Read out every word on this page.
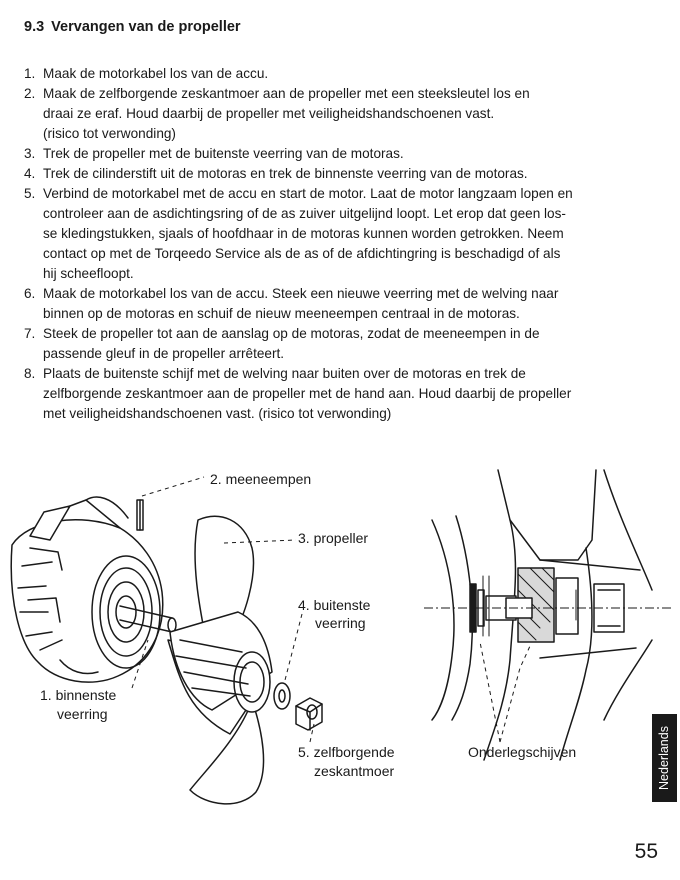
9.3 Vervangen van de propeller
1. Maak de motorkabel los van de accu.
2. Maak de zelfborgende zeskantmoer aan de propeller met een steeksleutel los en
draai ze eraf. Houd daarbij de propeller met veiligheidshandschoenen vast.
(risico tot verwonding)
3. Trek de propeller met de buitenste veerring van de motoras.
4. Trek de cilinderstift uit de motoras en trek de binnenste veerring van de motoras.
5. Verbind de motorkabel met de accu en start de motor. Laat de motor langzaam lopen en
controleer aan de asdichtingsring of de as zuiver uitgelijnd loopt. Let erop dat geen los-
se kledingstukken, sjaals of hoofdhaar in de motoras kunnen worden getrokken. Neem
contact op met de Torqeedo Service als de as of de afdichtingring is beschadigd of als
hij scheefloopt.
6. Maak de motorkabel los van de accu. Steek een nieuwe veerring met de welving naar
binnen op de motoras en schuif de nieuw meeneempen centraal in de motoras.
7. Steek de propeller tot aan de aanslag op de motoras, zodat de meeneempen in de
passende gleuf in de propeller arrêteert.
8. Plaats de buitenste schijf met de welving naar buiten over de motoras en trek de
zelfborgende zeskantmoer aan de propeller met de hand aan. Houd daarbij de propeller
met veiligheidshandschoenen vast. (risico tot verwonding)

2. meeneempen

3. propeller

4. buitenste

veerring

1. binnenste

veerring

5. zelfborgende

zeskantmoer

Onderlegschijven	Nederlands

55
